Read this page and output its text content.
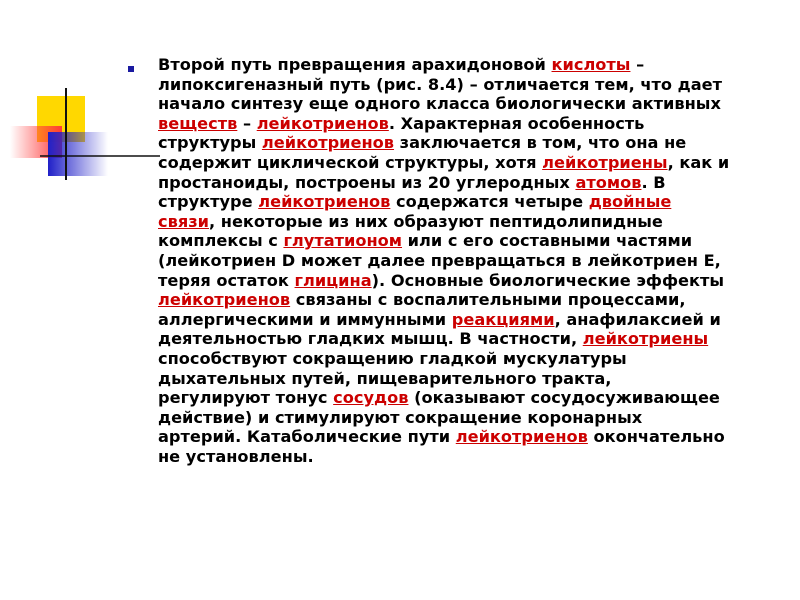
Второй путь превращения арахидоновой кислоты –
липоксигеназный путь (рис. 8.4) – отличается тем, что дает
начало синтезу еще одного класса биологически активных
веществ – лейкотриенов. Характерная особенность
структуры лейкотриенов заключается в том, что она не
содержит циклической структуры, хотя лейкотриены, как и
простаноиды, построены из 20 углеродных атомов. В
структуре лейкотриенов содержатся четыре двойные
связи, некоторые из них образуют пептидолипидные
комплексы с глутатионом или с его составными частями
(лейкотриен D может далее превращаться в лейкотриен E,
теряя остаток глицина). Основные биологические эффекты
лейкотриенов связаны с воспалительными процессами,
аллергическими и иммунными реакциями, анафилаксией и
деятельностью гладких мышц. В частности, лейкотриены
способствуют сокращению гладкой мускулатуры
дыхательных путей, пищеварительного тракта,
регулируют тонус сосудов (оказывают сосудосуживающее
действие) и стимулируют сокращение коронарных
артерий. Катаболические пути лейкотриенов окончательно
не установлены.
